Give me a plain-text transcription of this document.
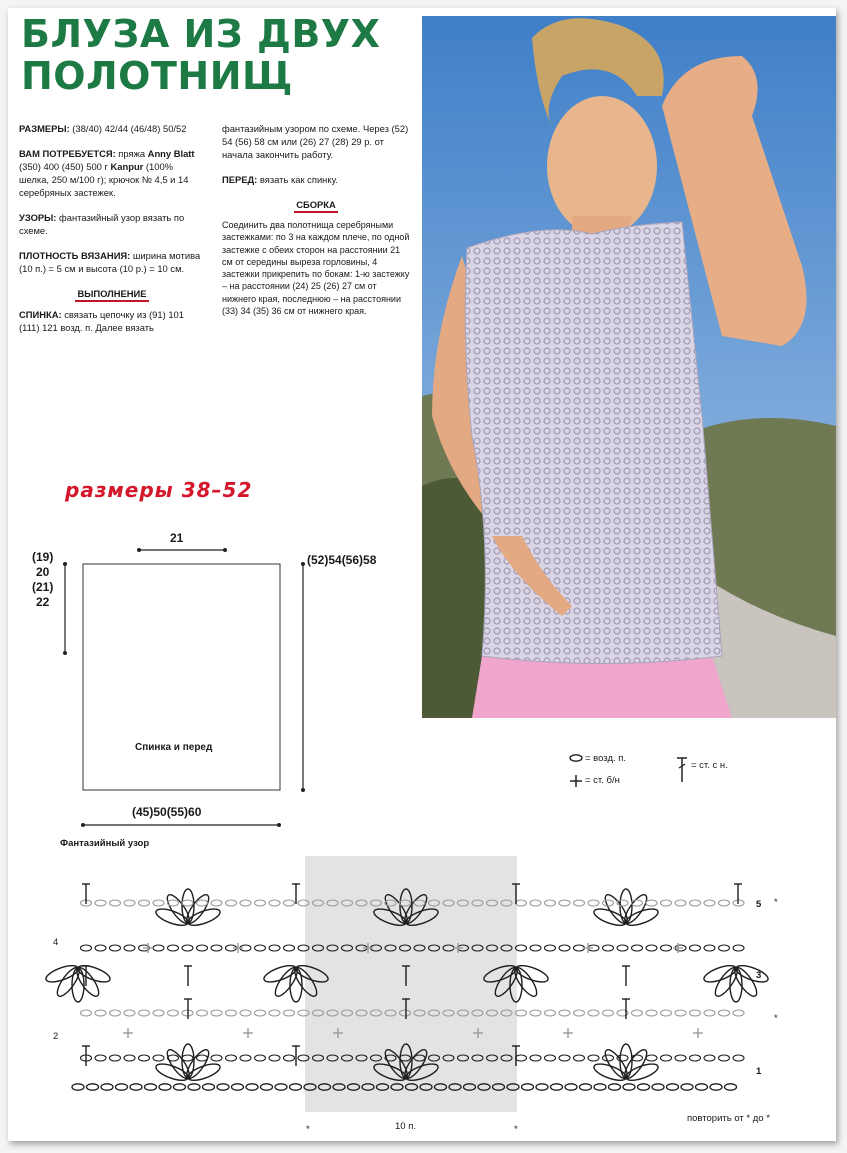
БЛУЗА ИЗ ДВУХ
ПОЛОТНИЩ

РАЗМЕРЫ: (38/40) 42/44 (46/48) 50/52

ВАМ ПОТРЕБУЕТСЯ: пряжа Anny Blatt (350) 400 (450) 500 г Kanpur (100% шелка, 250 м/100 г); крючок № 4,5 и 14 серебряных застежек.

УЗОРЫ: фантазийный узор вязать по схеме.

ПЛОТНОСТЬ ВЯЗАНИЯ: ширина мотива (10 п.) = 5 см и высота (10 р.) = 10 см.

ВЫПОЛНЕНИЕ

СПИНКА: связать цепочку из (91) 101 (111) 121 возд. п. Далее вязать

фантазийным узором по схеме. Через (52) 54 (56) 58 см или (26) 27 (28) 29 р. от начала закончить работу.

ПЕРЕД: вязать как спинку.

СБОРКА

Соединить два полотнища серебряными застежками: по 3 на каждом плече, по одной застежке с обеих сторон на расстоянии 21 см от середины выреза горловины, 4 застежки прикрепить по бокам: 1-ю застежку – на расстоянии (24) 25 (26) 27 см от нижнего края, последнюю – на расстоянии (33) 34 (35) 36 см от нижнего края.

размеры 38–52
21
(19)
20
(21)
22
(52)54(56)58
Спинка и перед
(45)50(55)60
= возд. п.
= ст. б/н
= ст. с н.
Фантазийный узор
5 *
4
3
*
2
1
*	10 п.	*
повторить от * до *
